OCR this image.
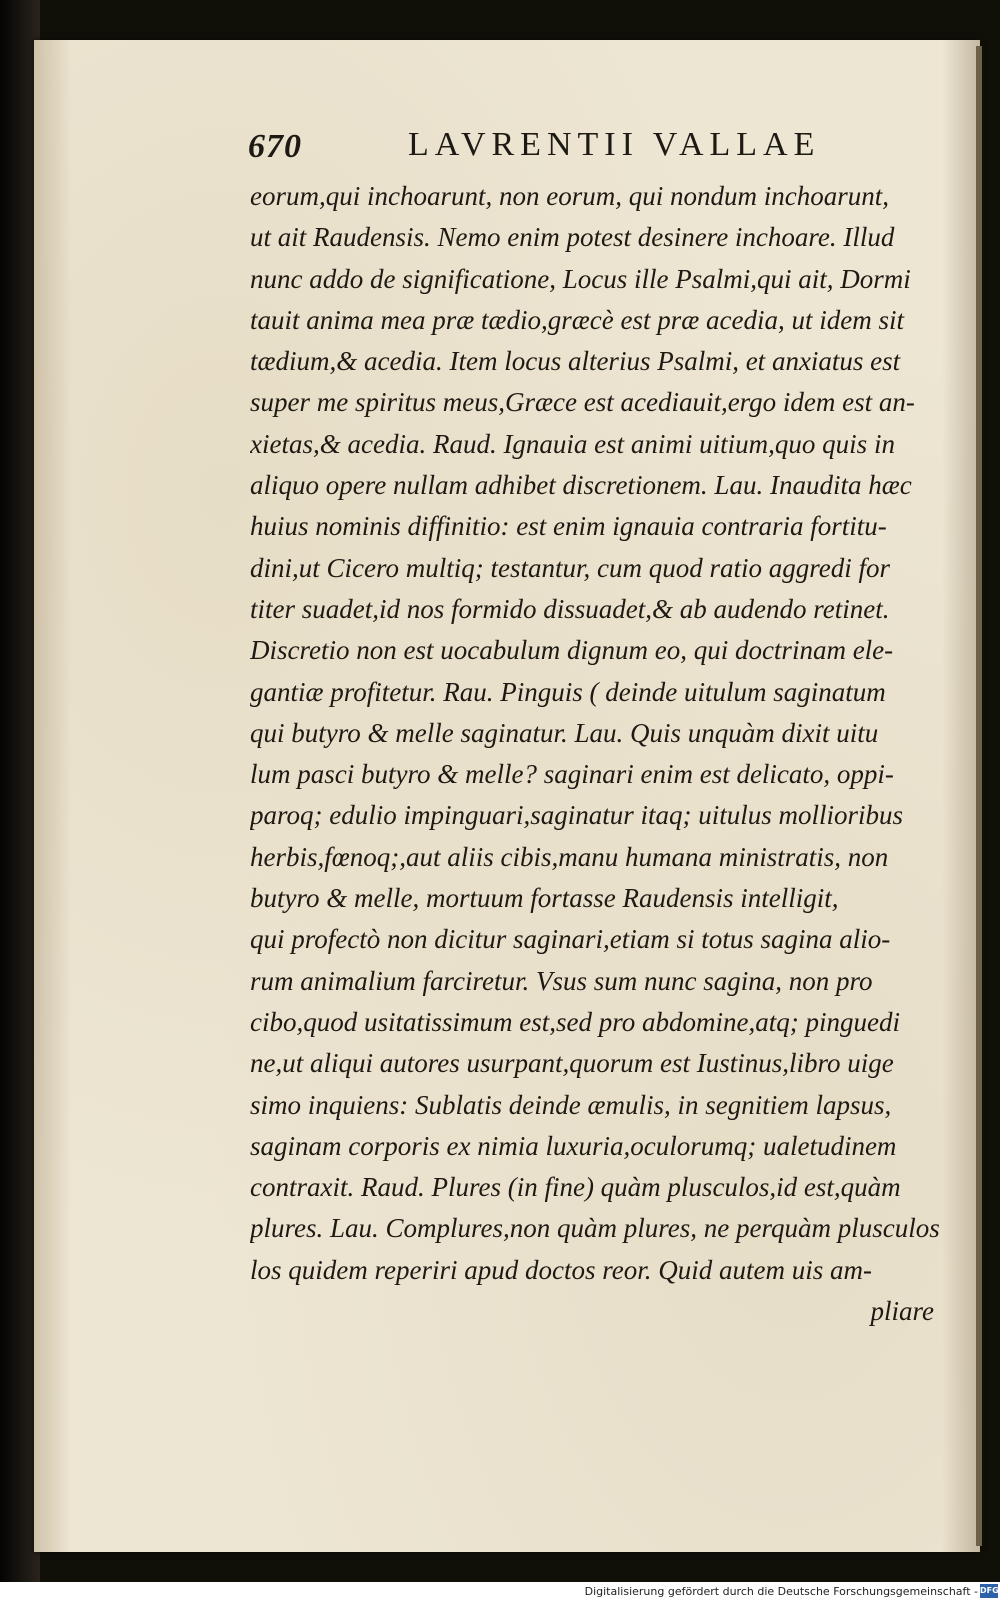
670	LAVRENTII VALLAE
eorum,qui inchoarunt, non eorum, qui nondum inchoarunt,
ut ait Raudensis. Nemo enim potest desinere inchoare. Illud
nunc addo de significatione, Locus ille Psalmi,qui ait, Dormi
tauit anima mea præ tædio,græcè est præ acedia, ut idem sit
tædium,& acedia. Item locus alterius Psalmi, et anxiatus est
super me spiritus meus,Græce est acediauit,ergo idem est an-
xietas,& acedia. Raud. Ignauia est animi uitium,quo quis in
aliquo opere nullam adhibet discretionem. Lau. Inaudita hæc
huius nominis diffinitio: est enim ignauia contraria fortitu-
dini,ut Cicero multiq; testantur, cum quod ratio aggredi for
titer suadet,id nos formido dissuadet,& ab audendo retinet.
Discretio non est uocabulum dignum eo, qui doctrinam ele-
gantiæ profitetur. Rau. Pinguis ( deinde uitulum saginatum
qui butyro & melle saginatur. Lau. Quis unquàm dixit uitu
lum pasci butyro & melle? saginari enim est delicato, oppi-
paroq; edulio impinguari,saginatur itaq; uitulus mollioribus
herbis,fœnoq;,aut aliis cibis,manu humana ministratis, non
butyro & melle, mortuum fortasse Raudensis intelligit,
qui profectò non dicitur saginari,etiam si totus sagina alio-
rum animalium farciretur. Vsus sum nunc sagina, non pro
cibo,quod usitatissimum est,sed pro abdomine,atq; pinguedi
ne,ut aliqui autores usurpant,quorum est Iustinus,libro uige
simo inquiens: Sublatis deinde æmulis, in segnitiem lapsus,
saginam corporis ex nimia luxuria,oculorumq; ualetudinem
contraxit. Raud. Plures (in fine) quàm plusculos,id est,quàm
plures. Lau. Complures,non quàm plures, ne perquàm plusculos
los quidem reperiri apud doctos reor. Quid autem uis am-
pliare
Digitalisierung gefördert durch die Deutsche Forschungsgemeinschaft - DFG
